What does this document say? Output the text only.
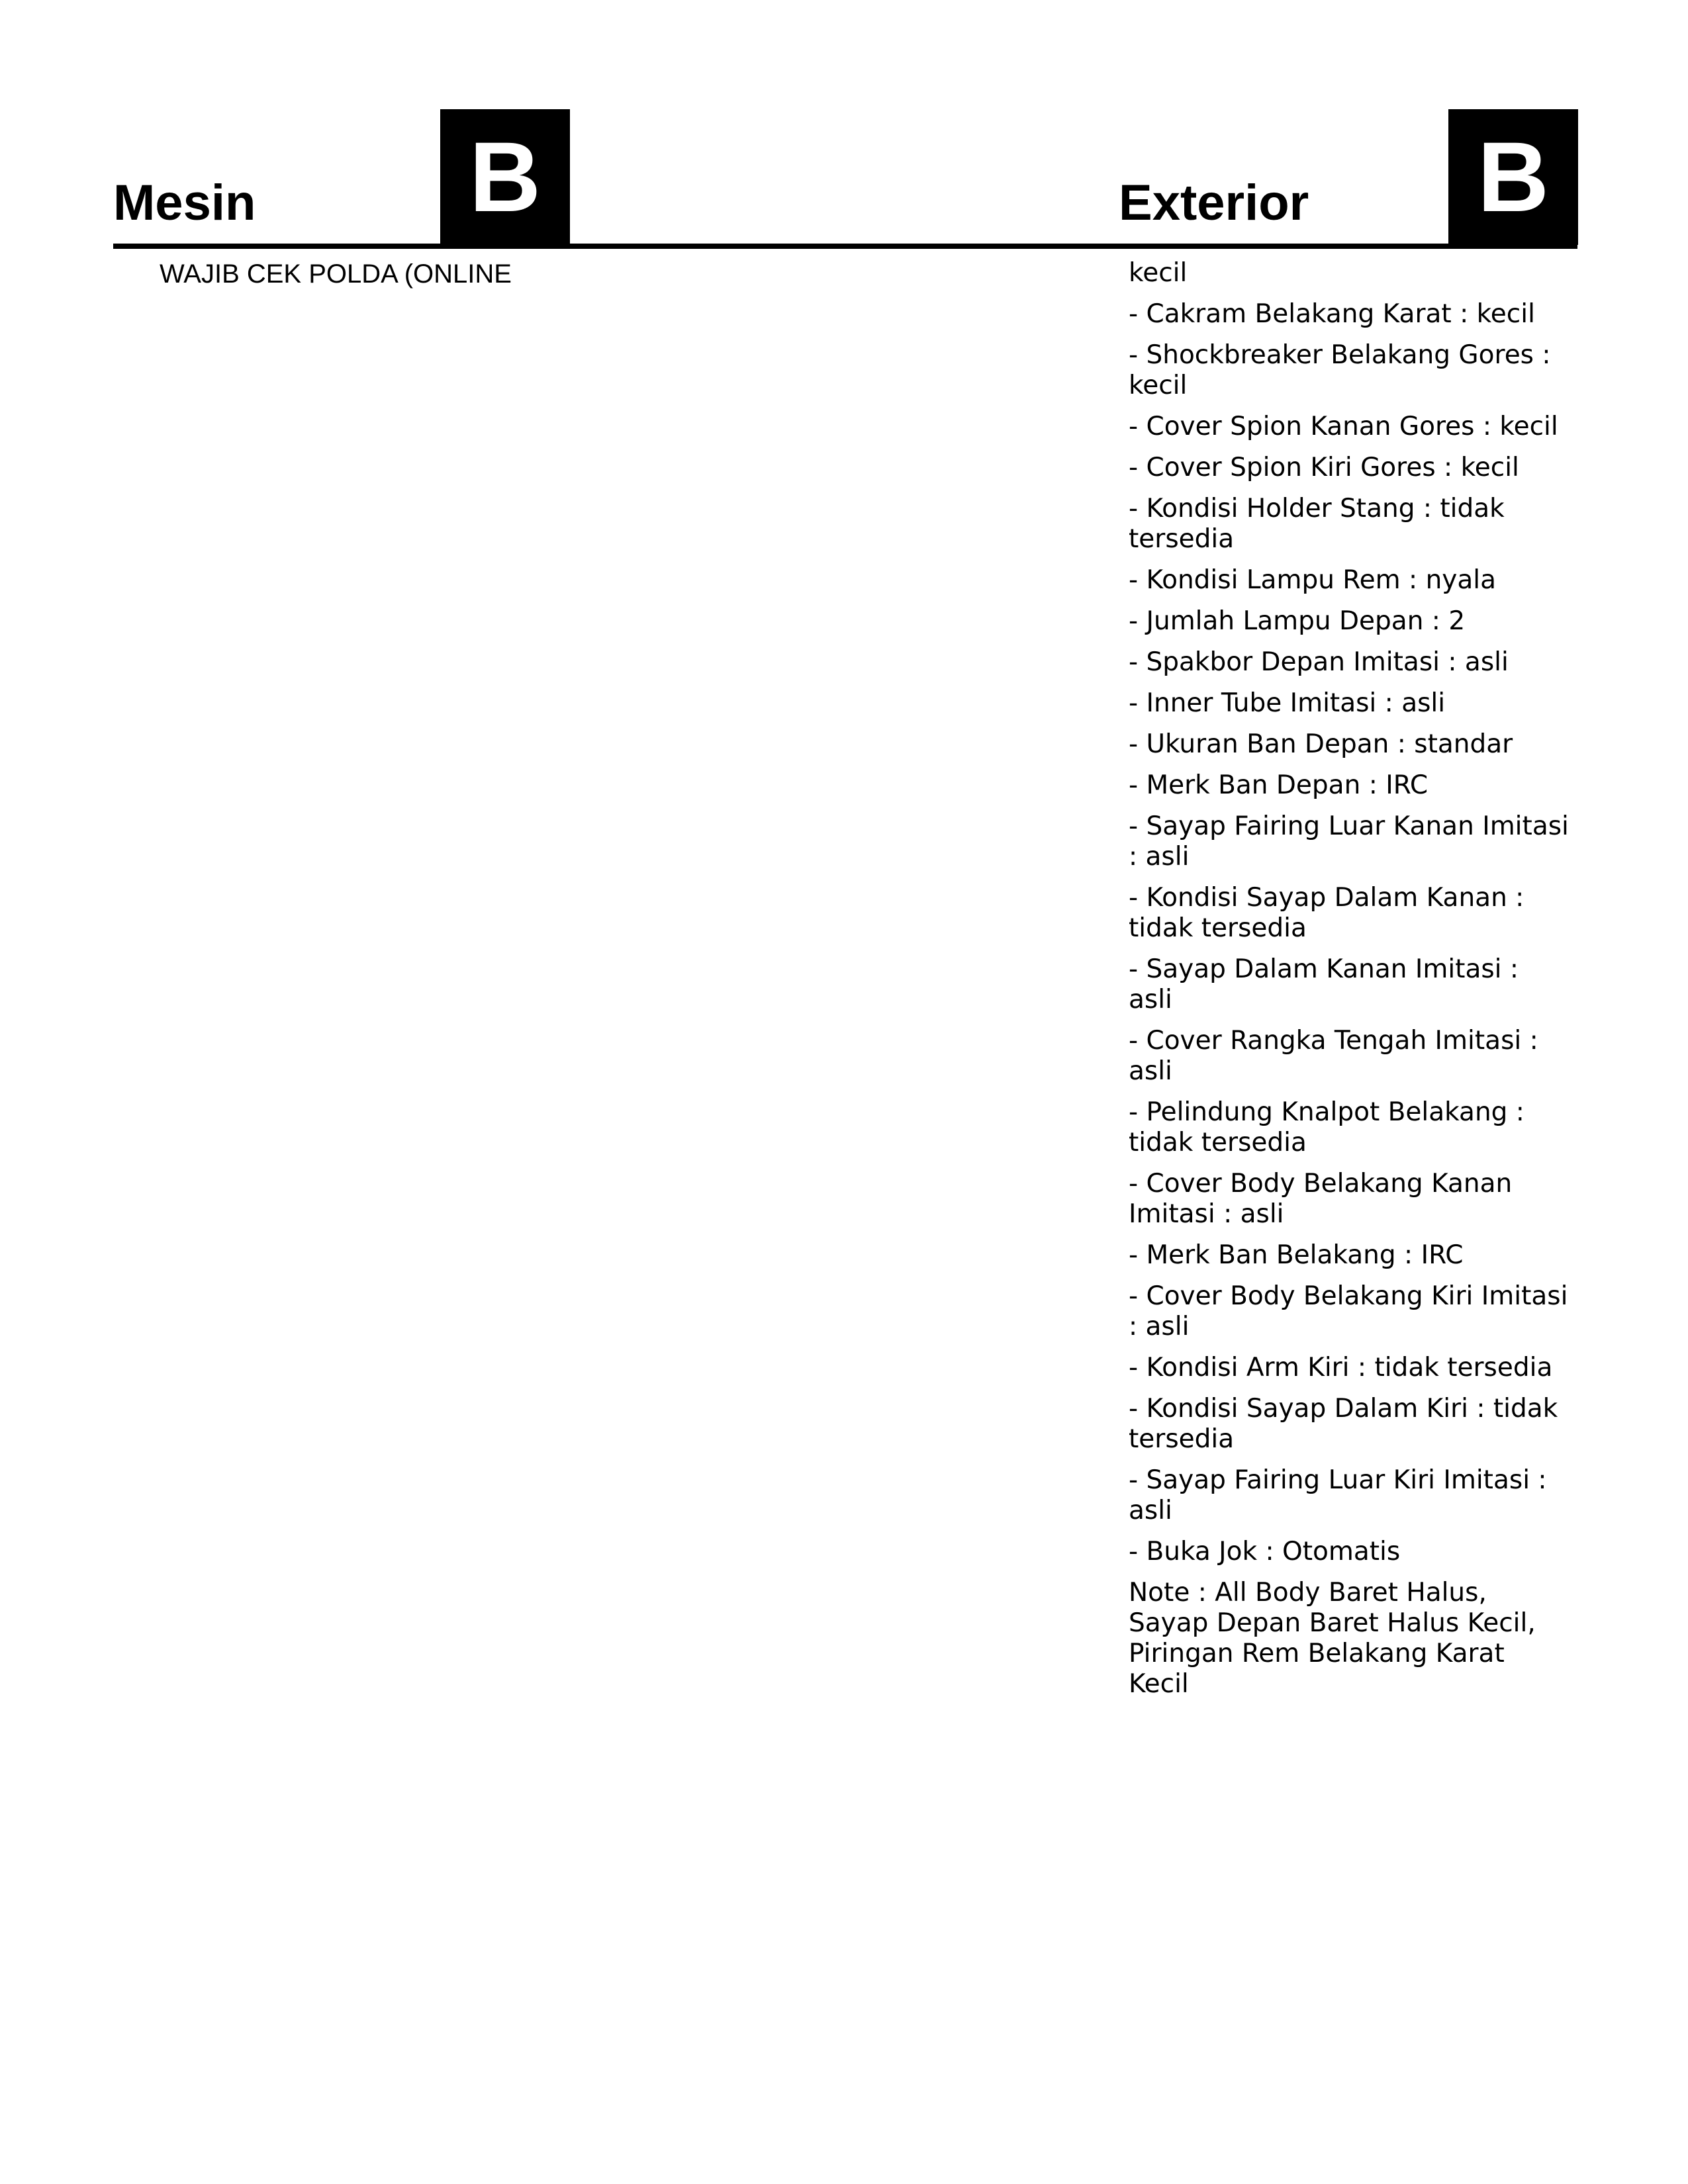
Mesin B	Exterior B
WAJIB CEK POLDA (ONLINE	kecil
- Cakram Belakang Karat : kecil
- Shockbreaker Belakang Gores : kecil
- Cover Spion Kanan Gores : kecil
- Cover Spion Kiri Gores : kecil
- Kondisi Holder Stang : tidak tersedia
- Kondisi Lampu Rem : nyala
- Jumlah Lampu Depan : 2
- Spakbor Depan Imitasi : asli
- Inner Tube Imitasi : asli
- Ukuran Ban Depan : standar
- Merk Ban Depan : IRC
- Sayap Fairing Luar Kanan Imitasi : asli
- Kondisi Sayap Dalam Kanan : tidak tersedia
- Sayap Dalam Kanan Imitasi : asli
- Cover Rangka Tengah Imitasi : asli
- Pelindung Knalpot Belakang : tidak tersedia
- Cover Body Belakang Kanan Imitasi : asli
- Merk Ban Belakang : IRC
- Cover Body Belakang Kiri Imitasi : asli
- Kondisi Arm Kiri : tidak tersedia
- Kondisi Sayap Dalam Kiri : tidak tersedia
- Sayap Fairing Luar Kiri Imitasi : asli
- Buka Jok : Otomatis
Note : All Body Baret Halus, Sayap Depan Baret Halus Kecil, Piringan Rem Belakang Karat Kecil
